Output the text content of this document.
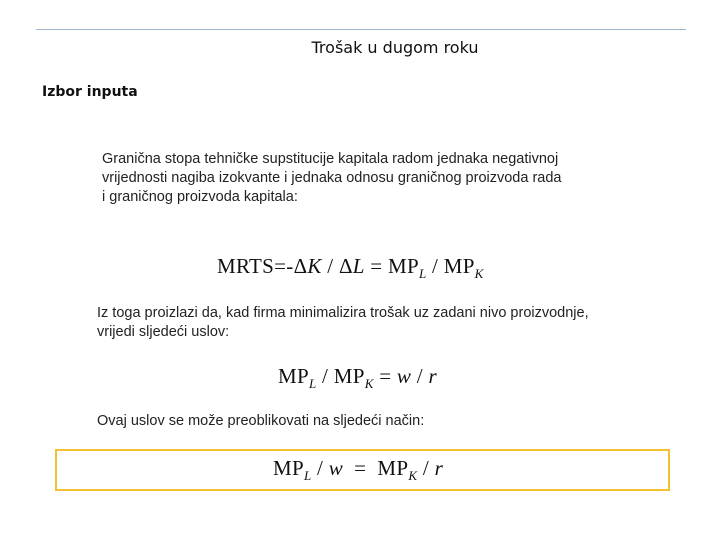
Trošak u dugom roku
Izbor inputa
Granična stopa tehničke supstitucije kapitala radom jednaka negativnoj
vrijednosti nagiba izokvante i jednaka odnosu graničnog proizvoda rada
i graničnog proizvoda kapitala:
MRTS=-ΔK / $\Delta L = MP_L / MP_K$
Iz toga proizlazi da, kad firma minimalizira trošak uz zadani nivo proizvodnje,
vrijedi sljedeći uslov:
$MP_L / MP_K = w / r$
Ovaj uslov se može preoblikovati na sljedeći način:
$MP_L / w = MP_K / r$
